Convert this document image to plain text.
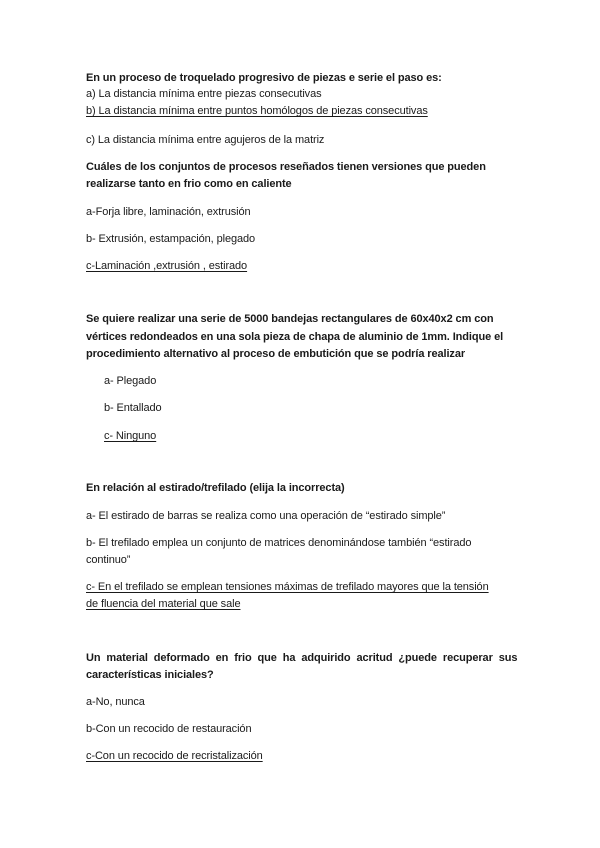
En un proceso de troquelado progresivo de piezas e serie el paso es:
a) La distancia mínima entre piezas consecutivas
b) La distancia mínima entre puntos homólogos de piezas consecutivas
c) La distancia mínima entre agujeros de la matriz
Cuáles de los conjuntos de procesos reseñados tienen versiones que pueden
realizarse tanto en frio como en caliente
a-Forja libre, laminación, extrusión
b- Extrusión, estampación, plegado
c-Laminación ,extrusión , estirado
Se quiere realizar una serie de 5000 bandejas rectangulares de 60x40x2 cm con
vértices redondeados en una sola pieza de chapa de aluminio de 1mm. Indique el
procedimiento alternativo al proceso de embutición que se podría realizar
a- Plegado
b- Entallado
c- Ninguno
En relación al estirado/trefilado (elija la incorrecta)
a- El estirado de barras se realiza como una operación de “estirado simple”
b- El trefilado emplea un conjunto de matrices denominándose también “estirado
continuo”
c- En el trefilado se emplean tensiones máximas de trefilado mayores que la tensión
de fluencia del material que sale
Un material deformado en frio que ha adquirido acritud ¿puede recuperar sus
características iniciales?
a-No, nunca
b-Con un recocido de restauración
c-Con un recocido de recristalización
